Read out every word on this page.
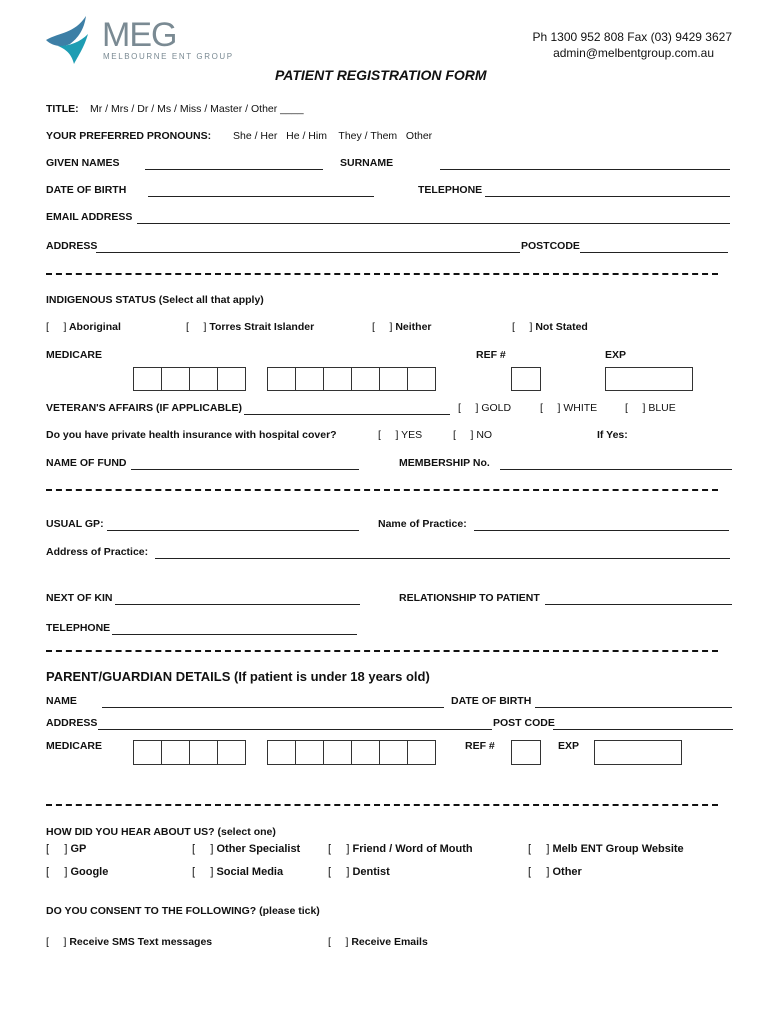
MEG
MELBOURNE ENT GROUP
Ph 1300 952 808 Fax (03) 9429 3627
admin@melbentgroup.com.au
PATIENT REGISTRATION FORM
TITLE: Mr / Mrs / Dr / Ms / Miss / Master / Other ____
YOUR PREFERRED PRONOUNS: She / Her   He / Him    They / Them   Other
GIVEN NAMES	SURNAME
DATE OF BIRTH	TELEPHONE
EMAIL ADDRESS
ADDRESS	POSTCODE
INDIGENOUS STATUS (Select all that apply)
[     ] Aboriginal	[     ] Torres Strait Islander	[     ] Neither	[     ] Not Stated
MEDICARE	REF #	EXP
VETERAN'S AFFAIRS (IF APPLICABLE)	[     ] GOLD	[     ] WHITE	[     ] BLUE
Do you have private health insurance with hospital cover?	[     ] YES	[     ] NO	If Yes:
NAME OF FUND	MEMBERSHIP No.
USUAL GP:	Name of Practice:
Address of Practice:
NEXT OF KIN	RELATIONSHIP TO PATIENT
TELEPHONE
PARENT/GUARDIAN DETAILS (If patient is under 18 years old)
NAME	DATE OF BIRTH
ADDRESS	POST CODE
MEDICARE	REF #	EXP
HOW DID YOU HEAR ABOUT US? (select one)
[     ] GP	[     ] Other Specialist	[     ] Friend / Word of Mouth	[     ] Melb ENT Group Website
[     ] Google	[     ] Social Media	[     ] Dentist	[     ] Other
DO YOU CONSENT TO THE FOLLOWING? (please tick)
[     ] Receive SMS Text messages	[     ] Receive Emails
